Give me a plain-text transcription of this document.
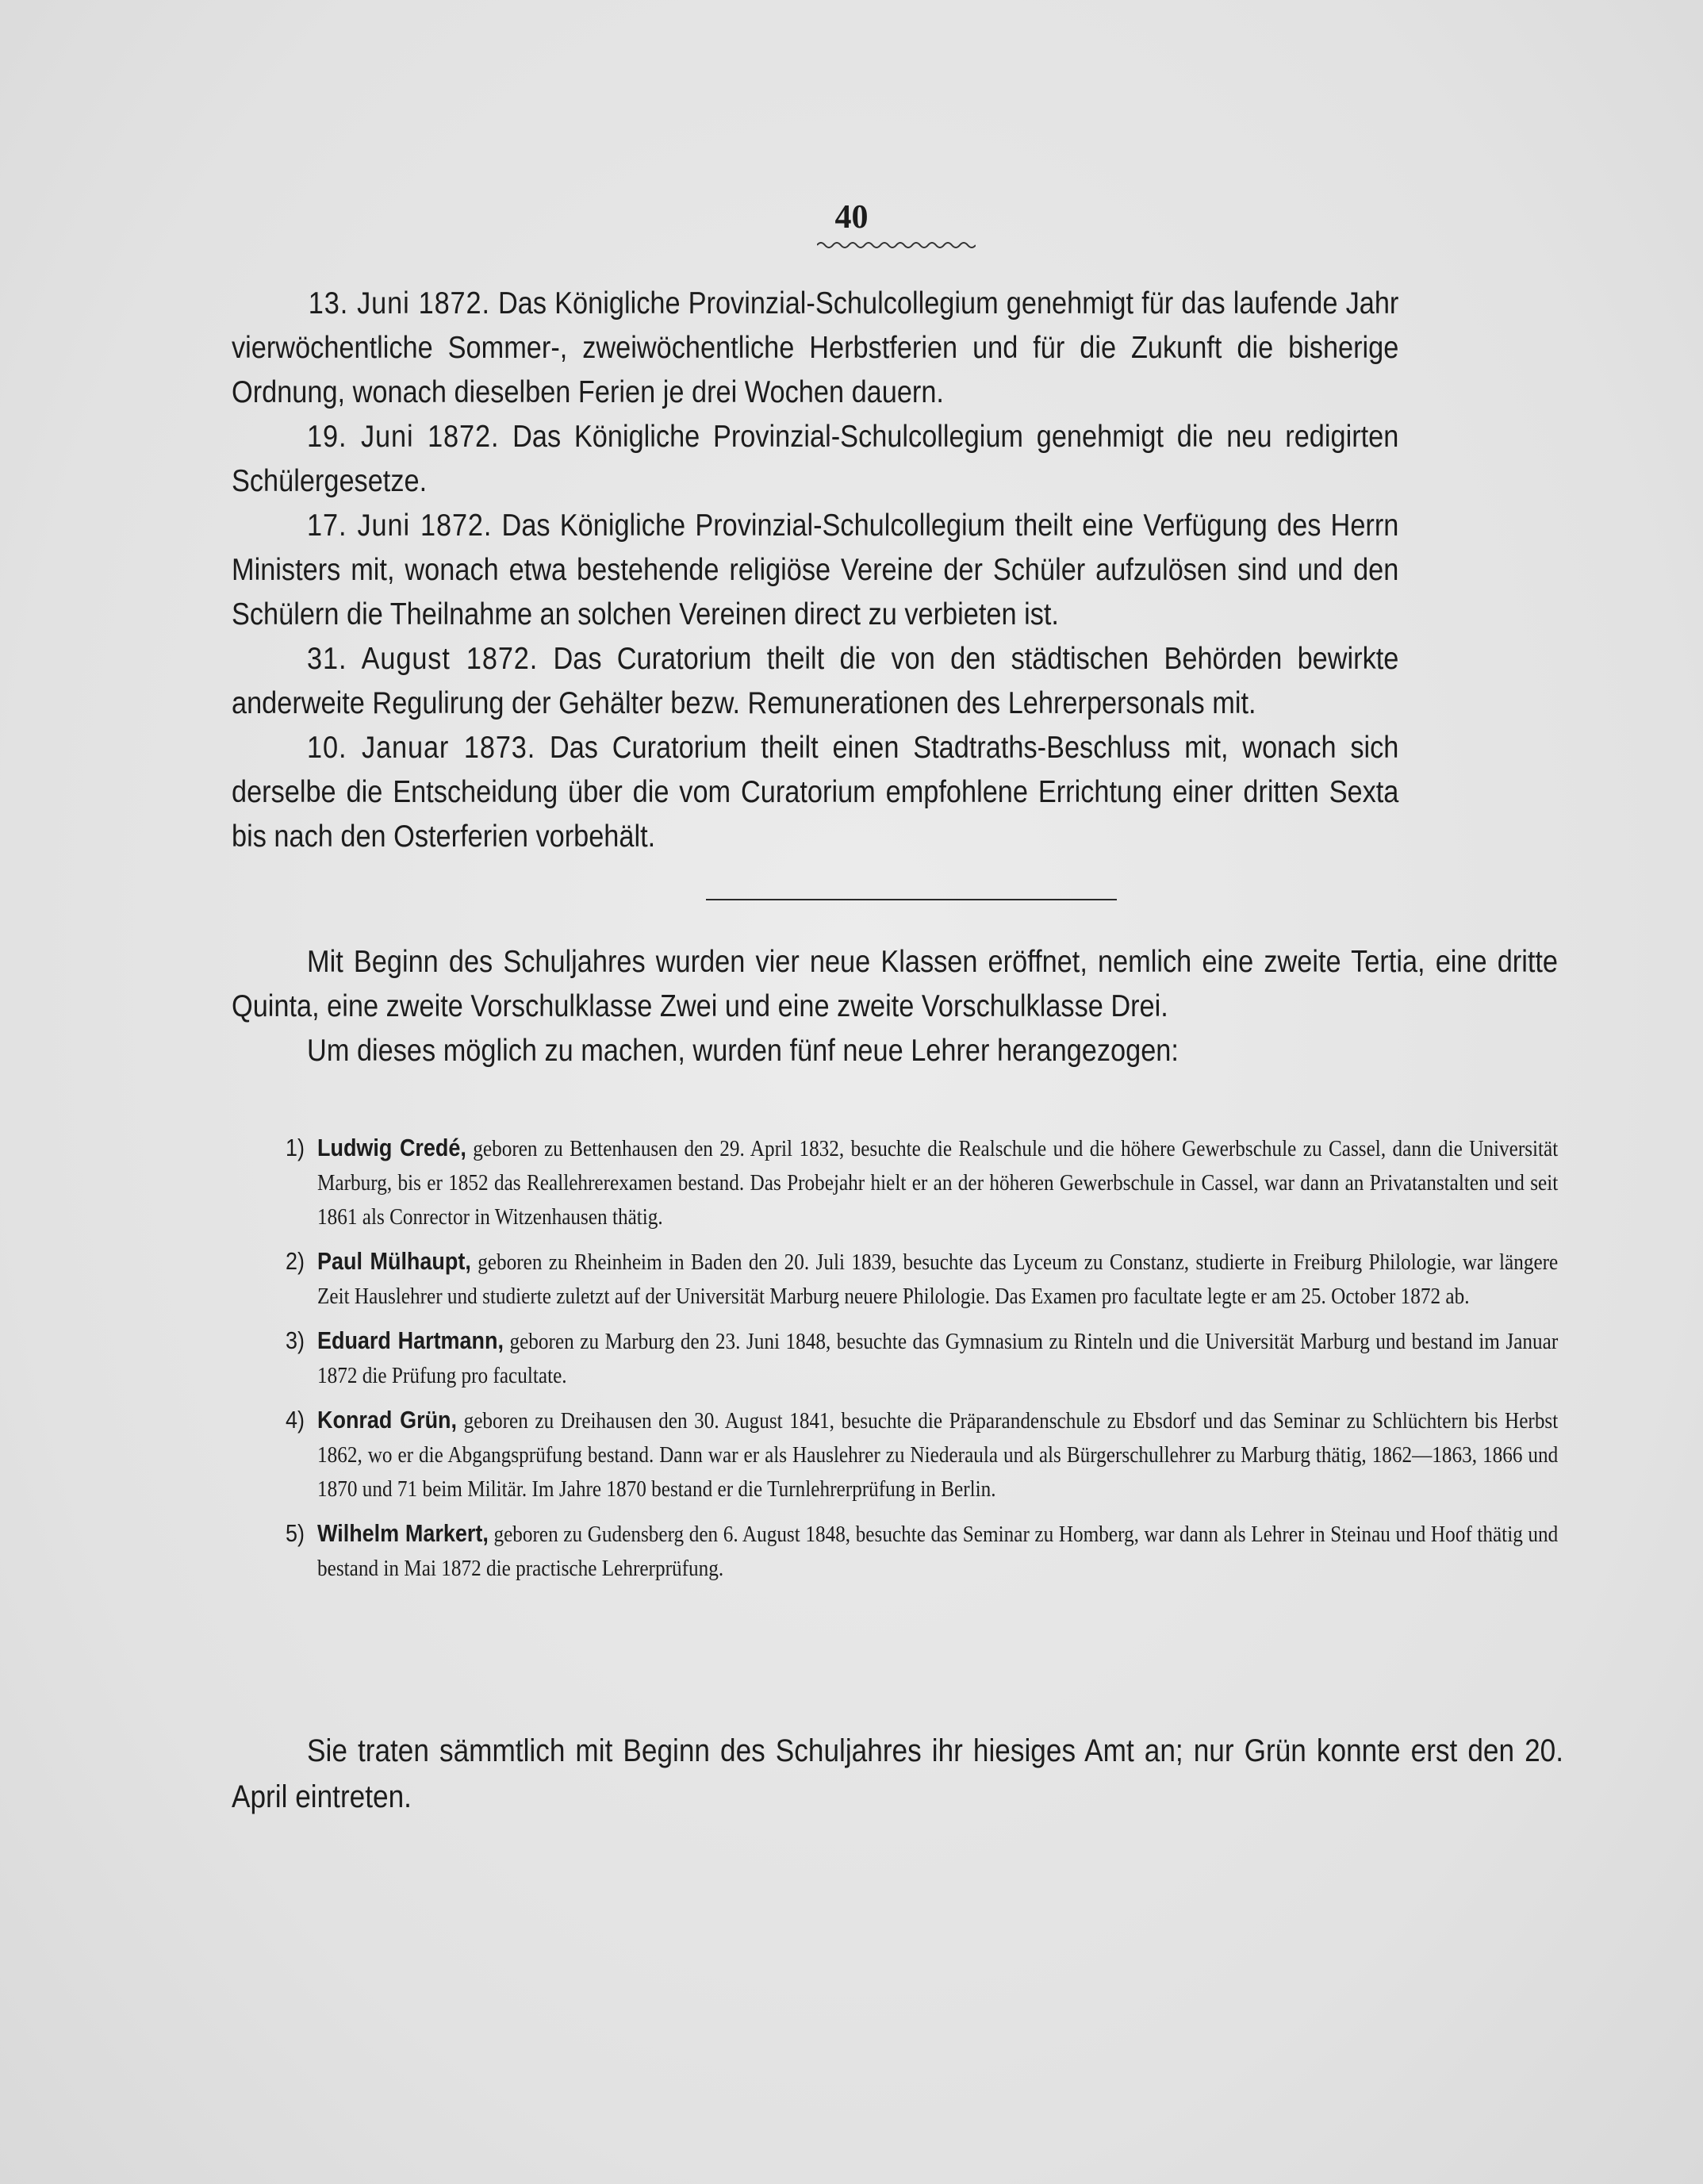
40

13. Juni 1872. Das Königliche Provinzial-Schulcollegium genehmigt für das laufende Jahr vierwöchentliche Sommer-, zweiwöchentliche Herbstferien und für die Zukunft die bisherige Ordnung, wonach dieselben Ferien je drei Wochen dauern.

19. Juni 1872. Das Königliche Provinzial-Schulcollegium genehmigt die neu redigirten Schülergesetze.

17. Juni 1872. Das Königliche Provinzial-Schulcollegium theilt eine Verfügung des Herrn Ministers mit, wonach etwa bestehende religiöse Vereine der Schüler aufzulösen sind und den Schülern die Theilnahme an solchen Vereinen direct zu verbieten ist.

31. August 1872. Das Curatorium theilt die von den städtischen Behörden bewirkte anderweite Regulirung der Gehälter bezw. Remunerationen des Lehrerpersonals mit.

10. Januar 1873. Das Curatorium theilt einen Stadtraths-Beschluss mit, wonach sich derselbe die Entscheidung über die vom Curatorium empfohlene Errichtung einer dritten Sexta bis nach den Osterferien vorbehält.

Mit Beginn des Schuljahres wurden vier neue Klassen eröffnet, nemlich eine zweite Tertia, eine dritte Quinta, eine zweite Vorschulklasse Zwei und eine zweite Vorschulklasse Drei.

Um dieses möglich zu machen, wurden fünf neue Lehrer herangezogen:

1) Ludwig Credé, geboren zu Bettenhausen den 29. April 1832, besuchte die Realschule und die höhere Gewerbschule zu Cassel, dann die Universität Marburg, bis er 1852 das Reallehrerexamen bestand. Das Probejahr hielt er an der höheren Gewerbschule in Cassel, war dann an Privatanstalten und seit 1861 als Conrector in Witzenhausen thätig.

2) Paul Mülhaupt, geboren zu Rheinheim in Baden den 20. Juli 1839, besuchte das Lyceum zu Constanz, studierte in Freiburg Philologie, war längere Zeit Hauslehrer und studierte zuletzt auf der Universität Marburg neuere Philologie. Das Examen pro facultate legte er am 25. October 1872 ab.

3) Eduard Hartmann, geboren zu Marburg den 23. Juni 1848, besuchte das Gymnasium zu Rinteln und die Universität Marburg und bestand im Januar 1872 die Prüfung pro facultate.

4) Konrad Grün, geboren zu Dreihausen den 30. August 1841, besuchte die Präparandenschule zu Ebsdorf und das Seminar zu Schlüchtern bis Herbst 1862, wo er die Abgangsprüfung bestand. Dann war er als Hauslehrer zu Niederaula und als Bürgerschullehrer zu Marburg thätig, 1862—1863, 1866 und 1870 und 71 beim Militär. Im Jahre 1870 bestand er die Turnlehrerprüfung in Berlin.

5) Wilhelm Markert, geboren zu Gudensberg den 6. August 1848, besuchte das Seminar zu Homberg, war dann als Lehrer in Steinau und Hoof thätig und bestand in Mai 1872 die practische Lehrerprüfung.

Sie traten sämmtlich mit Beginn des Schuljahres ihr hiesiges Amt an; nur Grün konnte erst den 20. April eintreten.
